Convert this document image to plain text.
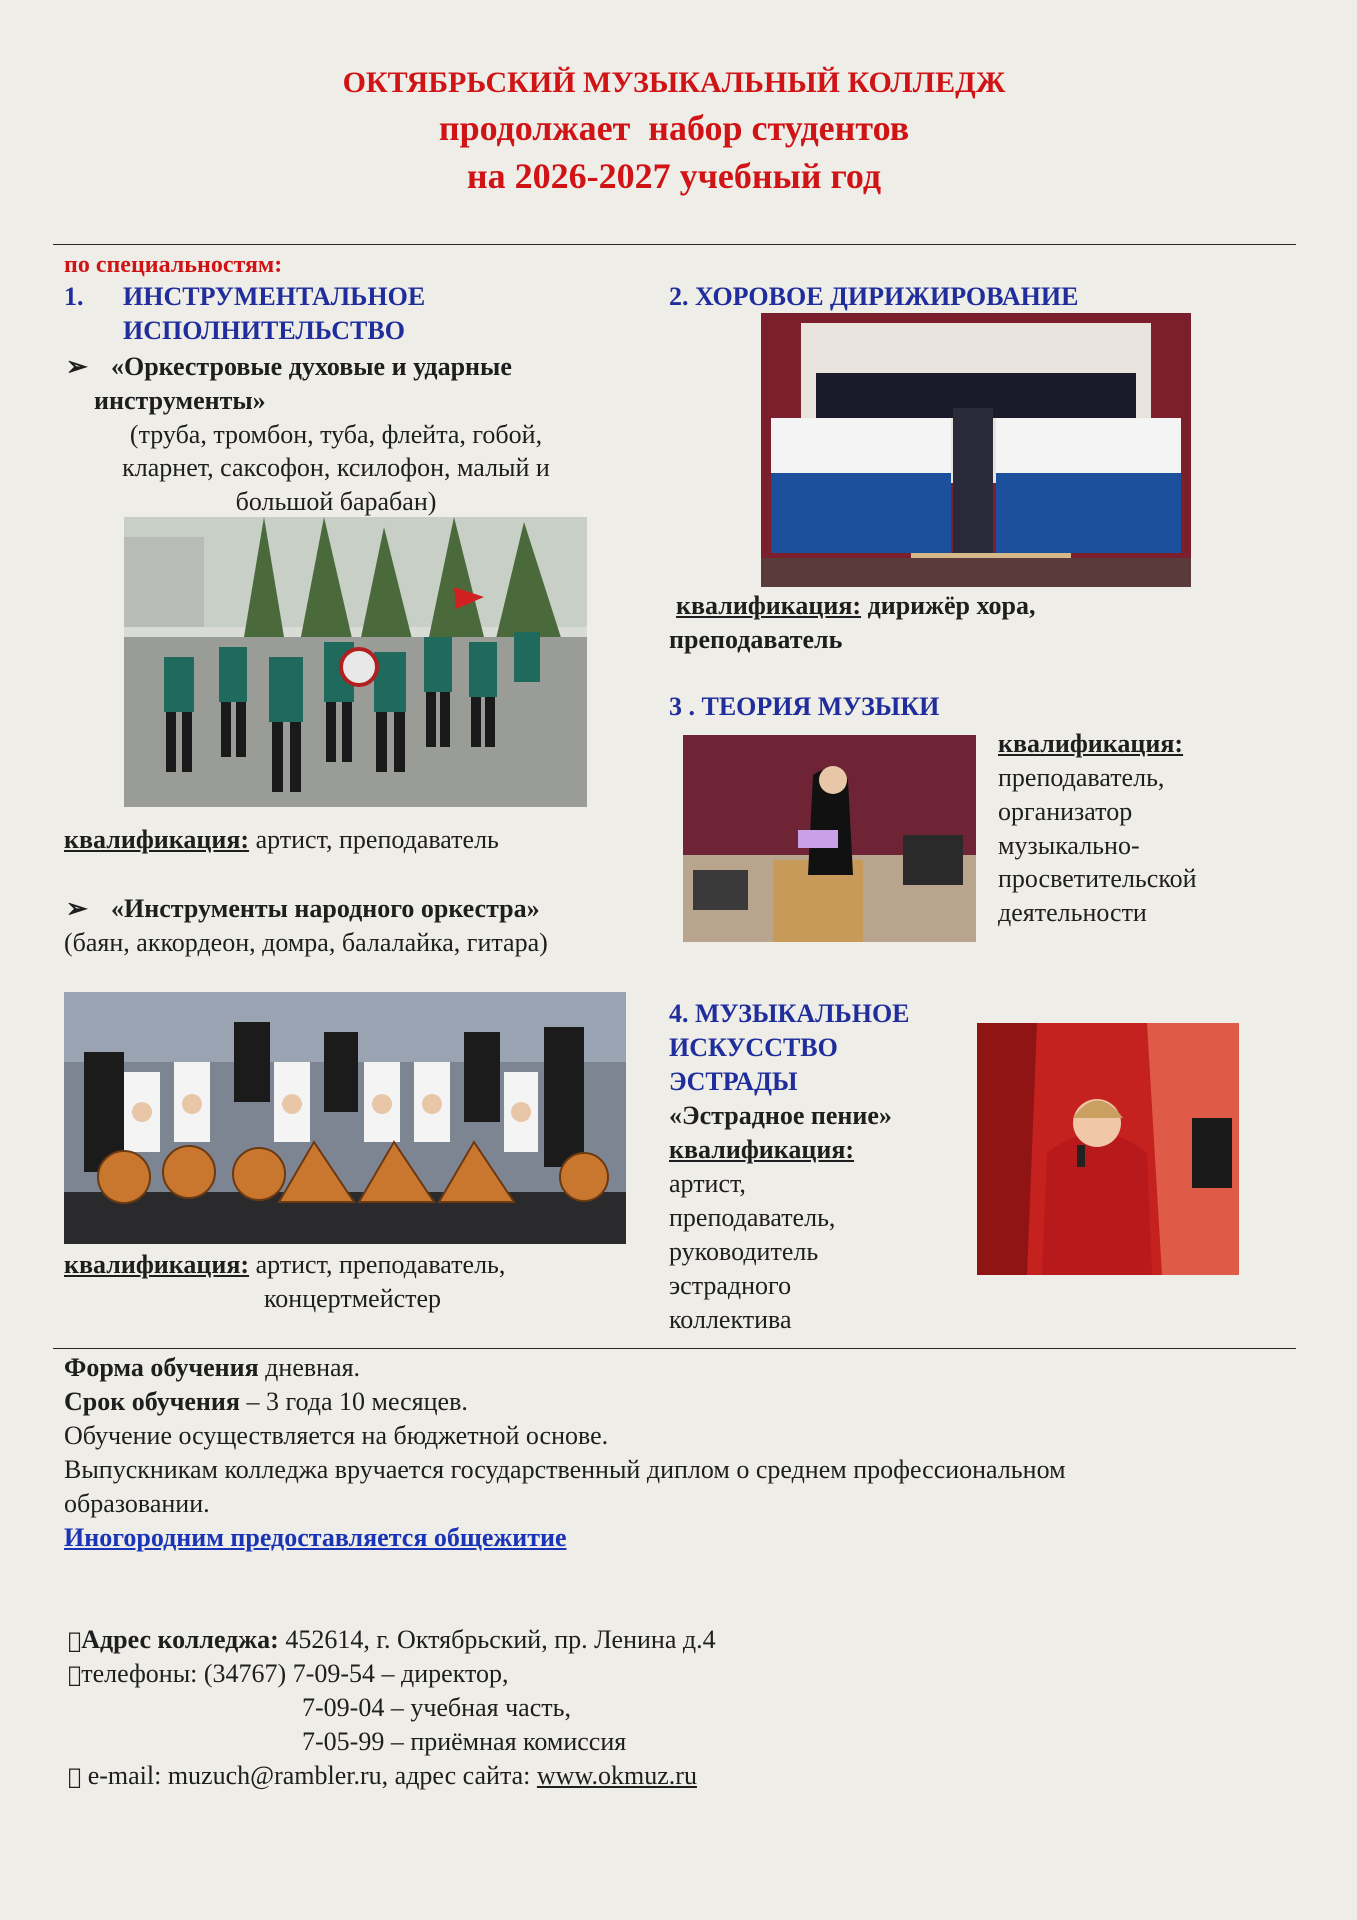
ОКТЯБРЬСКИЙ МУЗЫКАЛЬНЫЙ КОЛЛЕДЖ
продолжает  набор студентов
на 2026-2027 учебный год
по специальностям:
1. ИНСТРУМЕНТАЛЬНОЕ
ИСПОЛНИТЕЛЬСТВО
➢ «Оркестровые духовые и ударные
инструменты»
(труба, тромбон, туба, флейта, гобой,
кларнет, саксофон, ксилофон, малый и
большой барабан)
квалификация: артист, преподаватель
➢ «Инструменты народного оркестра»
(баян, аккордеон, домра, балалайка, гитара)
квалификация: артист, преподаватель,
концертмейстер
2. ХОРОВОЕ ДИРИЖИРОВАНИЕ
квалификация: дирижёр хора,
преподаватель
3 . ТЕОРИЯ МУЗЫКИ
квалификация:
преподаватель,
организатор
музыкально-
просветительской
деятельности
4. МУЗЫКАЛЬНОЕ
ИСКУССТВО
ЭСТРАДЫ
«Эстрадное пение»
квалификация:
артист,
преподаватель,
руководитель
эстрадного
коллектива
Форма обучения дневная.
Срок обучения – 3 года 10 месяцев.
Обучение осуществляется на бюджетной основе.
Выпускникам колледжа вручается государственный диплом о среднем профессиональном
образовании.
Иногородним предоставляется общежитие
Адрес колледжа: 452614, г. Октябрьский, пр. Ленина д.4
телефоны: (34767) 7-09-54 – директор,
7-09-04 – учебная часть,
7-05-99 – приёмная комиссия
e-mail: muzuch@rambler.ru, адрес сайта: www.okmuz.ru
